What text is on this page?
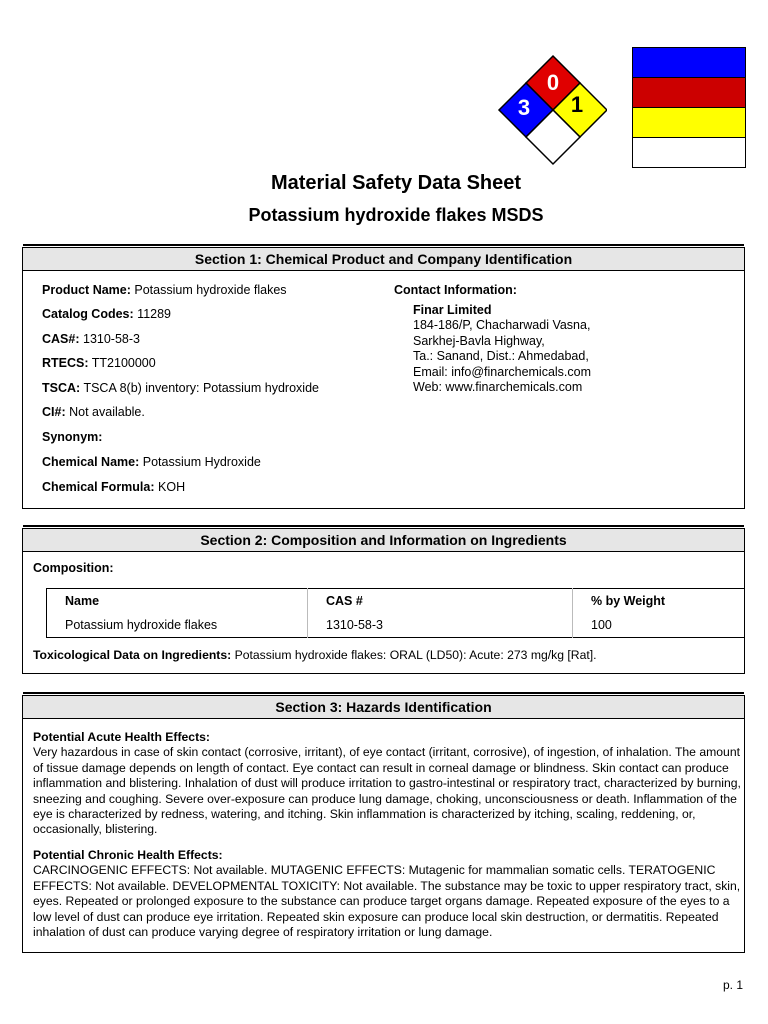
0
3 1
Material Safety Data Sheet
Potassium hydroxide flakes MSDS
Section 1: Chemical Product and Company Identification
Product Name: Potassium hydroxide flakes
Catalog Codes: 11289
CAS#: 1310-58-3
RTECS: TT2100000
TSCA: TSCA 8(b) inventory: Potassium hydroxide
CI#: Not available.
Synonym:
Chemical Name: Potassium Hydroxide
Chemical Formula: KOH
Contact Information:
Finar Limited
184-186/P, Chacharwadi Vasna,
Sarkhej-Bavla Highway,
Ta.: Sanand, Dist.: Ahmedabad,
Email: info@finarchemicals.com
Web: www.finarchemicals.com
Section 2: Composition and Information on Ingredients
Composition:
Name	CAS #	% by Weight
Potassium hydroxide flakes	1310-58-3	100
Toxicological Data on Ingredients: Potassium hydroxide flakes: ORAL (LD50): Acute: 273 mg/kg [Rat].
Section 3: Hazards Identification
Potential Acute Health Effects:
Very hazardous in case of skin contact (corrosive, irritant), of eye contact (irritant, corrosive), of ingestion, of inhalation. The amount of tissue damage depends on length of contact. Eye contact can result in corneal damage or blindness. Skin contact can produce inflammation and blistering. Inhalation of dust will produce irritation to gastro-intestinal or respiratory tract, characterized by burning, sneezing and coughing. Severe over-exposure can produce lung damage, choking, unconsciousness or death. Inflammation of the eye is characterized by redness, watering, and itching. Skin inflammation is characterized by itching, scaling, reddening, or, occasionally, blistering.
Potential Chronic Health Effects:
CARCINOGENIC EFFECTS: Not available. MUTAGENIC EFFECTS: Mutagenic for mammalian somatic cells. TERATOGENIC EFFECTS: Not available. DEVELOPMENTAL TOXICITY: Not available. The substance may be toxic to upper respiratory tract, skin, eyes. Repeated or prolonged exposure to the substance can produce target organs damage. Repeated exposure of the eyes to a low level of dust can produce eye irritation. Repeated skin exposure can produce local skin destruction, or dermatitis. Repeated inhalation of dust can produce varying degree of respiratory irritation or lung damage.
p. 1
